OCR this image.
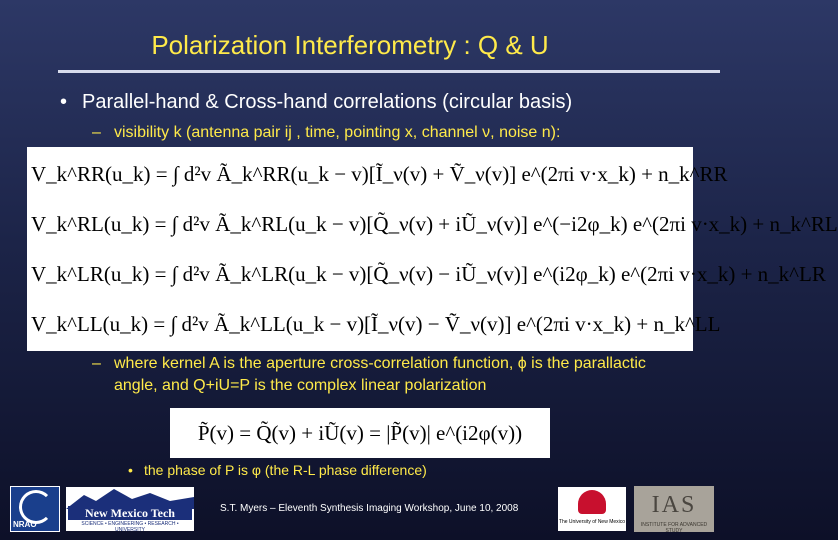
Polarization Interferometry : Q & U
• Parallel-hand & Cross-hand correlations (circular basis)
– visibility k (antenna pair ij , time, pointing x, channel ν, noise n):
V_k^RR(u_k) = ∫ d²v Ã_k^RR(u_k − v)[Ĩ_ν(v) + Ṽ_ν(v)] e^(2πi v·x_k) + n_k^RR
V_k^RL(u_k) = ∫ d²v Ã_k^RL(u_k − v)[Q̃_ν(v) + iŨ_ν(v)] e^(−i2φ_k) e^(2πi v·x_k) + n_k^RL
V_k^LR(u_k) = ∫ d²v Ã_k^LR(u_k − v)[Q̃_ν(v) − iŨ_ν(v)] e^(i2φ_k) e^(2πi v·x_k) + n_k^LR
V_k^LL(u_k) = ∫ d²v Ã_k^LL(u_k − v)[Ĩ_ν(v) − Ṽ_ν(v)] e^(2πi v·x_k) + n_k^LL
– where kernel A is the aperture cross-correlation function, ϕ is the parallactic angle, and Q+iU=P is the complex linear polarization
P̃(v) = Q̃(v) + iŨ(v) = |P̃(v)| e^(i2φ(v))
• the phase of P is φ (the R-L phase difference)
NRAO
New Mexico Tech
SCIENCE • ENGINEERING • RESEARCH • UNIVERSITY
S.T. Myers – Eleventh Synthesis Imaging Workshop, June 10, 2008
The University of New Mexico
IAS
INSTITUTE FOR ADVANCED STUDY
